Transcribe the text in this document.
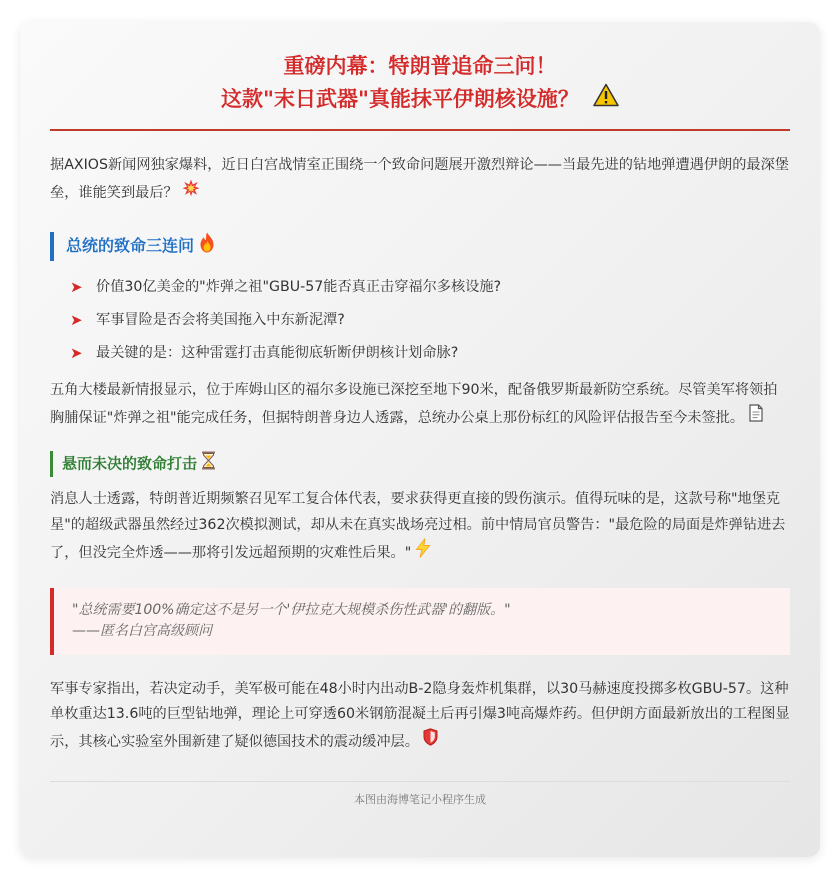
重磅内幕：特朗普追命三问！
这款"末日武器"真能抹平伊朗核设施？

据AXIOS新闻网独家爆料，近日白宫战情室正围绕一个致命问题展开激烈辩论——当最先进的钻地弹遭遇伊朗的最深堡垒，谁能笑到最后？

总统的致命三连问
➤ 价值30亿美金的"炸弹之祖"GBU-57能否真正击穿福尔多核设施?
➤ 军事冒险是否会将美国拖入中东新泥潭?
➤ 最关键的是：这种雷霆打击真能彻底斩断伊朗核计划命脉?

五角大楼最新情报显示，位于库姆山区的福尔多设施已深挖至地下90米，配备俄罗斯最新防空系统。尽管美军将领拍胸脯保证"炸弹之祖"能完成任务，但据特朗普身边人透露，总统办公桌上那份标红的风险评估报告至今未签批。

悬而未决的致命打击

消息人士透露，特朗普近期频繁召见军工复合体代表，要求获得更直接的毁伤演示。值得玩味的是，这款号称"地堡克星"的超级武器虽然经过362次模拟测试，却从未在真实战场亮过相。前中情局官员警告："最危险的局面是炸弹钻进去了，但没完全炸透——那将引发远超预期的灾难性后果。"

"总统需要100%确定这不是另一个'伊拉克大规模杀伤性武器'的翻版。"
——匿名白宫高级顾问

军事专家指出，若决定动手，美军极可能在48小时内出动B-2隐身轰炸机集群，以30马赫速度投掷多枚GBU-57。这种单枚重达13.6吨的巨型钻地弹，理论上可穿透60米钢筋混凝土后再引爆3吨高爆炸药。但伊朗方面最新放出的工程图显示，其核心实验室外围新建了疑似德国技术的震动缓冲层。

本图由海博笔记小程序生成
